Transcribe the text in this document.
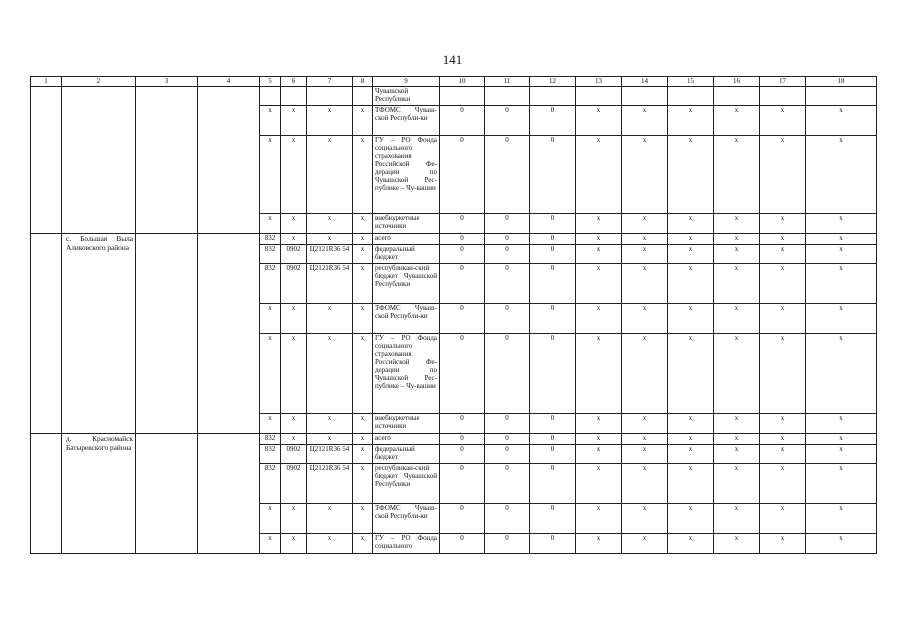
141
1	2	3	4	5	6	7	8	9	10	11	12	13	14	15	16	17	18
								Чувашской Республики									
				x	x	x	x	ТФОМС Чуваш-ской Республи-ки	0	0	0	x	x	x	x	x	x
				x	x	x	x	ГУ – РО Фонда социального страхования Российской Фе-дерации по Чувашской Рес-публике – Чу-вашии	0	0	0	x	x	x	x	x	x
				x	x	x	x	внебюджетные источники	0	0	0	x	x	x	x	x	x
	с. Большая Выла Аликовского района			832	x	x	x	всего	0	0	0	x	x	x	x	x	x
				832	0902	Ц2121R36 54	x	федеральный бюджет	0	0	0	x	x	x	x	x	x
				832	0902	Ц2121R36 54	x	республикан-ский бюджет Чувашской Республики	0	0	0	x	x	x	x	x	x
				x	x	x	x	ТФОМС Чуваш-ской Республи-ки	0	0	0	x	x	x	x	x	x
				x	x	x	x	ГУ – РО Фонда социального страхования Российской Фе-дерации по Чувашской Рес-публике – Чу-вашии	0	0	0	x	x	x	x	x	x
				x	x	x	x	внебюджетные источники	0	0	0	x	x	x	x	x	x
	д. Красномайск Батыревского района			832	x	x	x	всего	0	0	0	x	x	x	x	x	x
				832	0902	Ц2121R36 54	x	федеральный бюджет	0	0	0	x	x	x	x	x	x
				832	0902	Ц2121R36 54	x	республикан-ский бюджет Чувашской Республики	0	0	0	x	x	x	x	x	x
				x	x	x	x	ТФОМС Чуваш-ской Республи-ки	0	0	0	x	x	x	x	x	x
				x	x	x	x	ГУ – РО Фонда социального	0	0	0	x	x	x	x	x	x
